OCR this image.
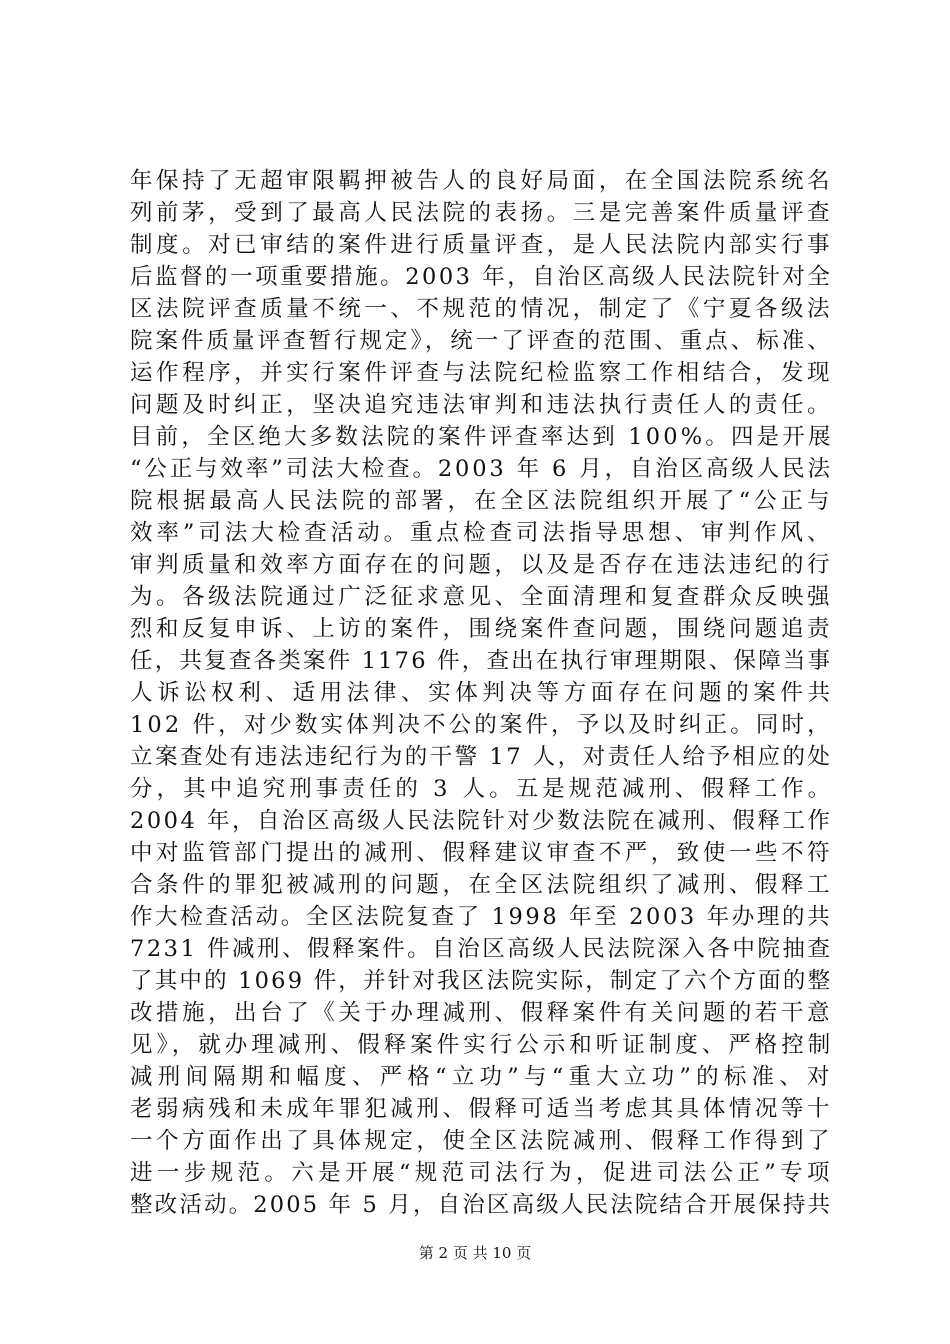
年保持了无超审限羁押被告人的良好局面，在全国法院系统名
列前茅，受到了最高人民法院的表扬。三是完善案件质量评查
制度。对已审结的案件进行质量评查，是人民法院内部实行事
后监督的一项重要措施。2003 年，自治区高级人民法院针对全
区法院评查质量不统一、不规范的情况，制定了《宁夏各级法
院案件质量评查暂行规定》，统一了评查的范围、重点、标准、
运作程序，并实行案件评查与法院纪检监察工作相结合，发现
问题及时纠正，坚决追究违法审判和违法执行责任人的责任。
目前，全区绝大多数法院的案件评查率达到 100%。四是开展
“公正与效率”司法大检查。2003 年 6 月，自治区高级人民法
院根据最高人民法院的部署，在全区法院组织开展了“公正与
效率”司法大检查活动。重点检查司法指导思想、审判作风、
审判质量和效率方面存在的问题，以及是否存在违法违纪的行
为。各级法院通过广泛征求意见、全面清理和复查群众反映强
烈和反复申诉、上访的案件，围绕案件查问题，围绕问题追责
任，共复查各类案件 1176 件，查出在执行审理期限、保障当事
人诉讼权利、适用法律、实体判决等方面存在问题的案件共
102 件，对少数实体判决不公的案件，予以及时纠正。同时，
立案查处有违法违纪行为的干警 17 人，对责任人给予相应的处
分，其中追究刑事责任的 3 人。五是规范减刑、假释工作。
2004 年，自治区高级人民法院针对少数法院在减刑、假释工作
中对监管部门提出的减刑、假释建议审查不严，致使一些不符
合条件的罪犯被减刑的问题，在全区法院组织了减刑、假释工
作大检查活动。全区法院复查了 1998 年至 2003 年办理的共
7231 件减刑、假释案件。自治区高级人民法院深入各中院抽查
了其中的 1069 件，并针对我区法院实际，制定了六个方面的整
改措施，出台了《关于办理减刑、假释案件有关问题的若干意
见》，就办理减刑、假释案件实行公示和听证制度、严格控制
减刑间隔期和幅度、严格“立功”与“重大立功”的标准、对
老弱病残和未成年罪犯减刑、假释可适当考虑其具体情况等十
一个方面作出了具体规定，使全区法院减刑、假释工作得到了
进一步规范。六是开展“规范司法行为，促进司法公正”专项
整改活动。2005 年 5 月，自治区高级人民法院结合开展保持共
第 2 页 共 10 页
